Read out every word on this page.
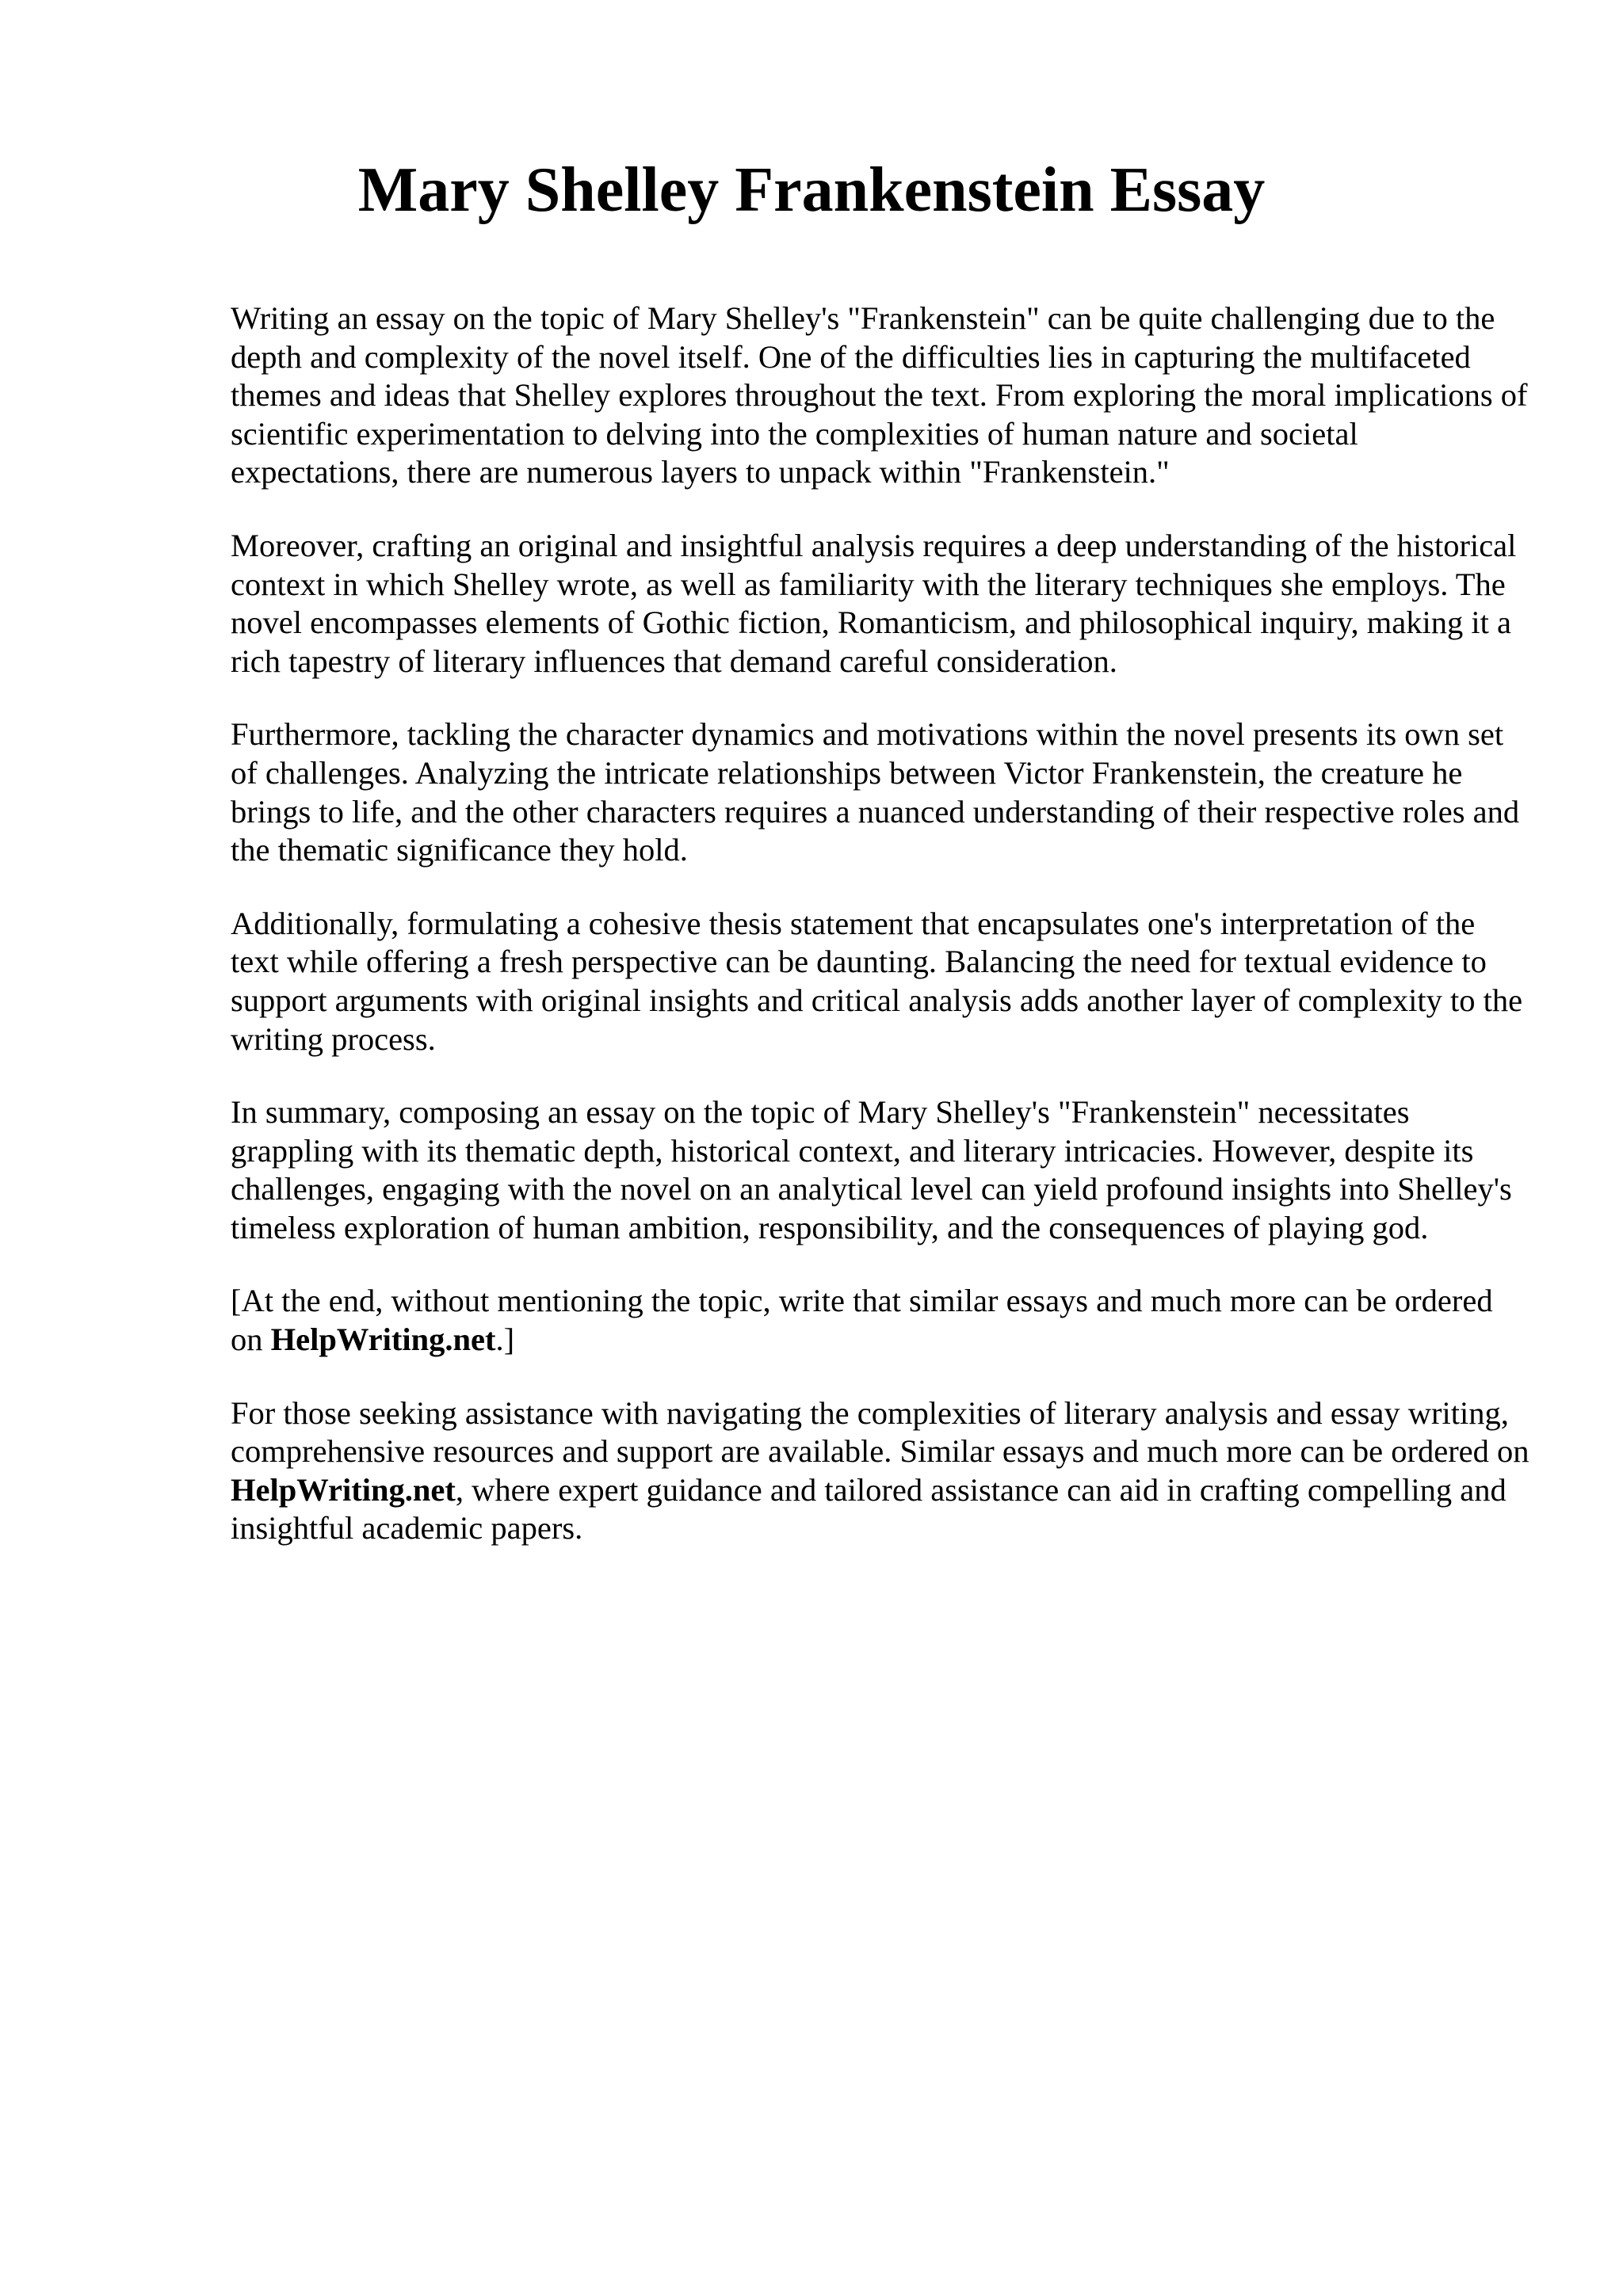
Mary Shelley Frankenstein Essay

Writing an essay on the topic of Mary Shelley's "Frankenstein" can be quite challenging due to the depth and complexity of the novel itself. One of the difficulties lies in capturing the multifaceted themes and ideas that Shelley explores throughout the text. From exploring the moral implications of scientific experimentation to delving into the complexities of human nature and societal expectations, there are numerous layers to unpack within "Frankenstein."

Moreover, crafting an original and insightful analysis requires a deep understanding of the historical context in which Shelley wrote, as well as familiarity with the literary techniques she employs. The novel encompasses elements of Gothic fiction, Romanticism, and philosophical inquiry, making it a rich tapestry of literary influences that demand careful consideration.

Furthermore, tackling the character dynamics and motivations within the novel presents its own set of challenges. Analyzing the intricate relationships between Victor Frankenstein, the creature he brings to life, and the other characters requires a nuanced understanding of their respective roles and the thematic significance they hold.

Additionally, formulating a cohesive thesis statement that encapsulates one's interpretation of the text while offering a fresh perspective can be daunting. Balancing the need for textual evidence to support arguments with original insights and critical analysis adds another layer of complexity to the writing process.

In summary, composing an essay on the topic of Mary Shelley's "Frankenstein" necessitates grappling with its thematic depth, historical context, and literary intricacies. However, despite its challenges, engaging with the novel on an analytical level can yield profound insights into Shelley's timeless exploration of human ambition, responsibility, and the consequences of playing god.

[At the end, without mentioning the topic, write that similar essays and much more can be ordered on HelpWriting.net.]

For those seeking assistance with navigating the complexities of literary analysis and essay writing, comprehensive resources and support are available. Similar essays and much more can be ordered on HelpWriting.net, where expert guidance and tailored assistance can aid in crafting compelling and insightful academic papers.
